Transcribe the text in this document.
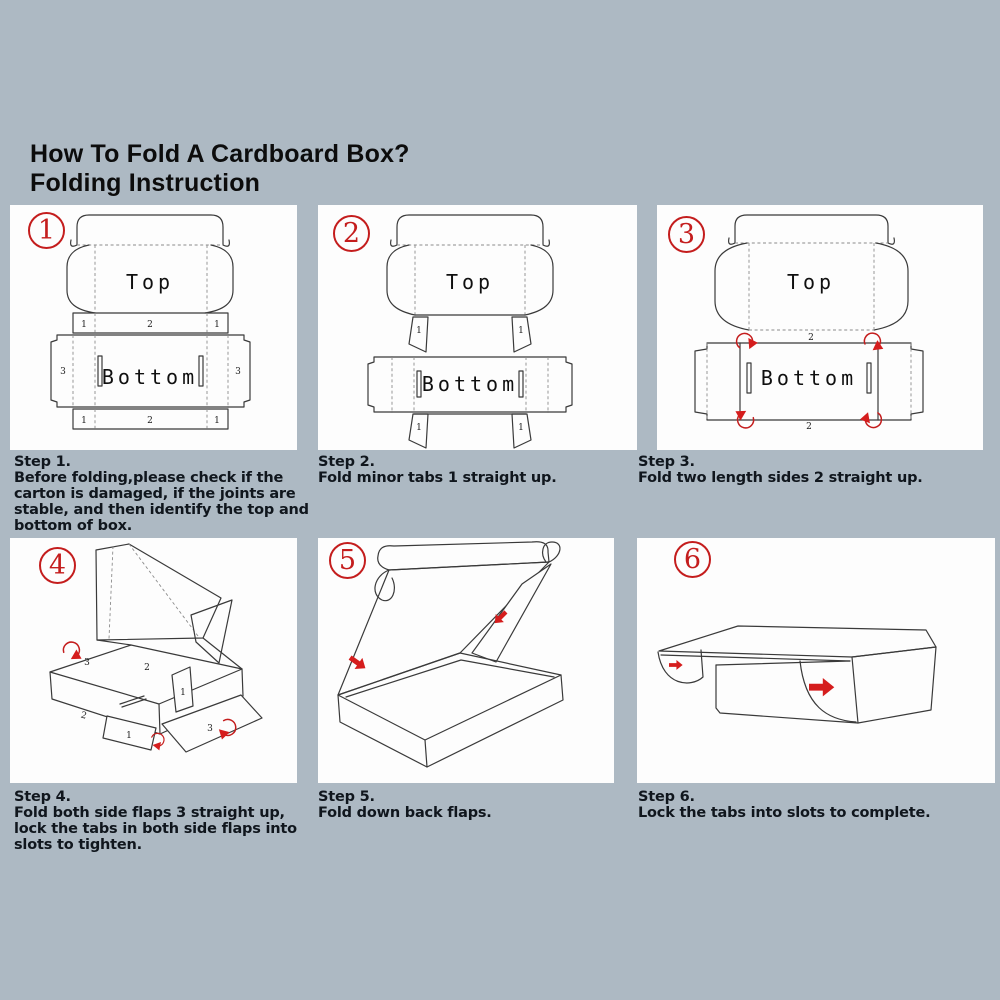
How To Fold A Cardboard Box?
Folding Instruction
Top
1	2	1
3	3
Bottom
1	2	1
1
Top
1	1
Bottom
1	1
2
Top
2
Bottom
2
3
3	2
1
2
1
3
4	5	6
Step 1.
Before folding,please check if the carton is damaged, if the joints are stable, and then identify the top and bottom of box.
Step 2.
Fold minor tabs 1 straight up.
Step 3.
Fold two length sides 2 straight up.
Step 4.
Fold both side flaps 3 straight up, lock the tabs in both side flaps into slots to tighten.
Step 5.
Fold down back flaps.
Step 6.
Lock the tabs into slots to complete.
